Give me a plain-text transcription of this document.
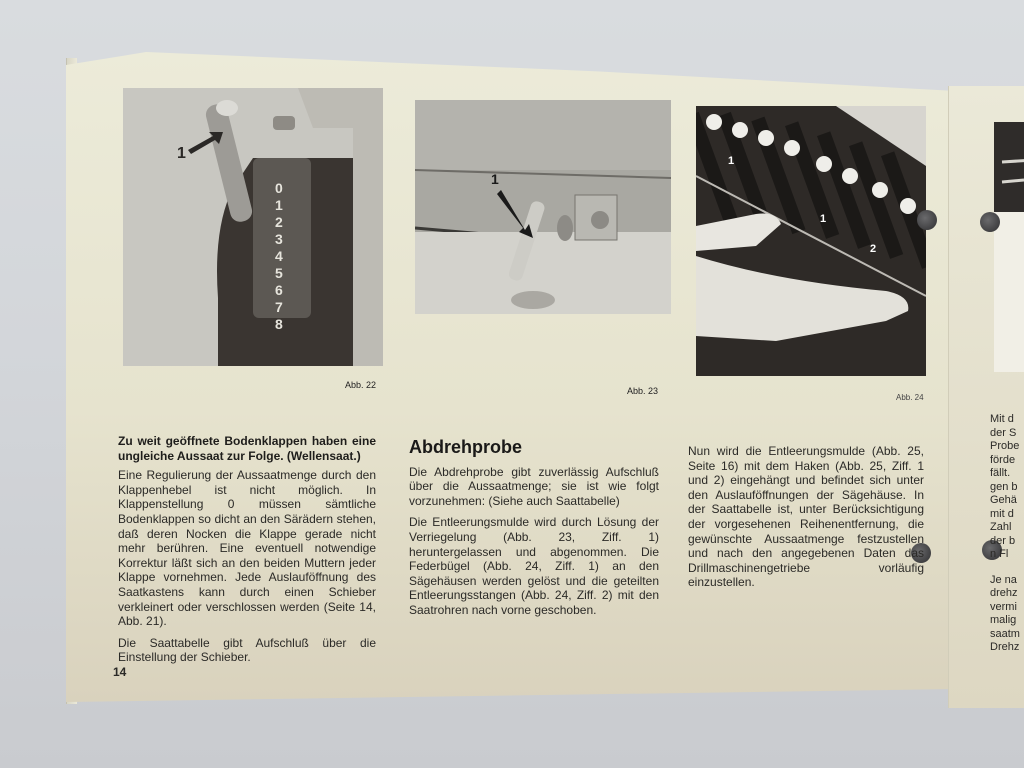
0
1
2
3
4
5
6
7
8
1
Abb. 22
1
Abb. 23
1
1
2
Abb. 24

Zu weit geöffnete Bodenklappen haben eine ungleiche Aussaat zur Folge. (Wellensaat.)

Eine Regulierung der Aussaatmenge durch den Klappenhebel ist nicht möglich. In Klappenstellung 0 müssen sämtliche Bodenklappen so dicht an den Särädern stehen, daß deren Nocken die Klappe gerade nicht mehr berühren. Eine eventuell notwendige Korrektur läßt sich an den beiden Muttern jeder Klappe vornehmen. Jede Auslauföffnung des Saatkastens kann durch einen Schieber verkleinert oder verschlossen werden (Seite 14, Abb. 21).

Die Saattabelle gibt Aufschluß über die Einstellung der Schieber.

Abdrehprobe

Die Abdrehprobe gibt zuverlässig Aufschluß über die Aussaatmenge; sie ist wie folgt vorzunehmen: (Siehe auch Saattabelle)

Die Entleerungsmulde wird durch Lösung der Verriegelung (Abb. 23, Ziff. 1) heruntergelassen und abgenommen. Die Federbügel (Abb. 24, Ziff. 1) an den Sägehäusen werden gelöst und die geteilten Entleerungsstangen (Abb. 24, Ziff. 2) mit den Saatrohren nach vorne geschoben.

Nun wird die Entleerungsmulde (Abb. 25, Seite 16) mit dem Haken (Abb. 25, Ziff. 1 und 2) eingehängt und befindet sich unter den Auslauföffnungen der Sägehäuse. In der Saattabelle ist, unter Berücksichtigung der vorgesehenen Reihenentfernung, die gewünschte Aussaatmenge festzustellen und nach den angegebenen Daten das Drillmaschinengetriebe vorläufig einzustellen.

Mit d
der S
Probe
förde
fällt.
gen b
Gehä
mit d
Zahl
der b
n Fl
Je na
drehz
vermi
malig
saatm
Drehz
14
